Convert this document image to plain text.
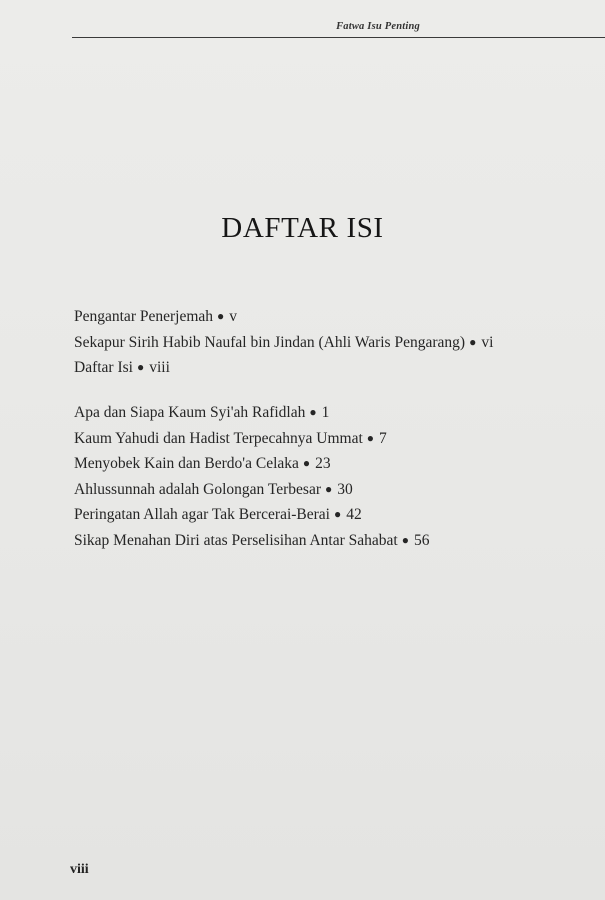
Fatwa Isu Penting
DAFTAR ISI
Pengantar Penerjemah ● v
Sekapur Sirih Habib Naufal bin Jindan (Ahli Waris Pengarang) ● vi
Daftar Isi ● viii
Apa dan Siapa Kaum Syi'ah Rafidlah ● 1
Kaum Yahudi dan Hadist Terpecahnya Ummat ● 7
Menyobek Kain dan Berdo'a Celaka ● 23
Ahlussunnah adalah Golongan Terbesar ● 30
Peringatan Allah agar Tak Bercerai-Berai ● 42
Sikap Menahan Diri atas Perselisihan Antar Sahabat ● 56
viii
